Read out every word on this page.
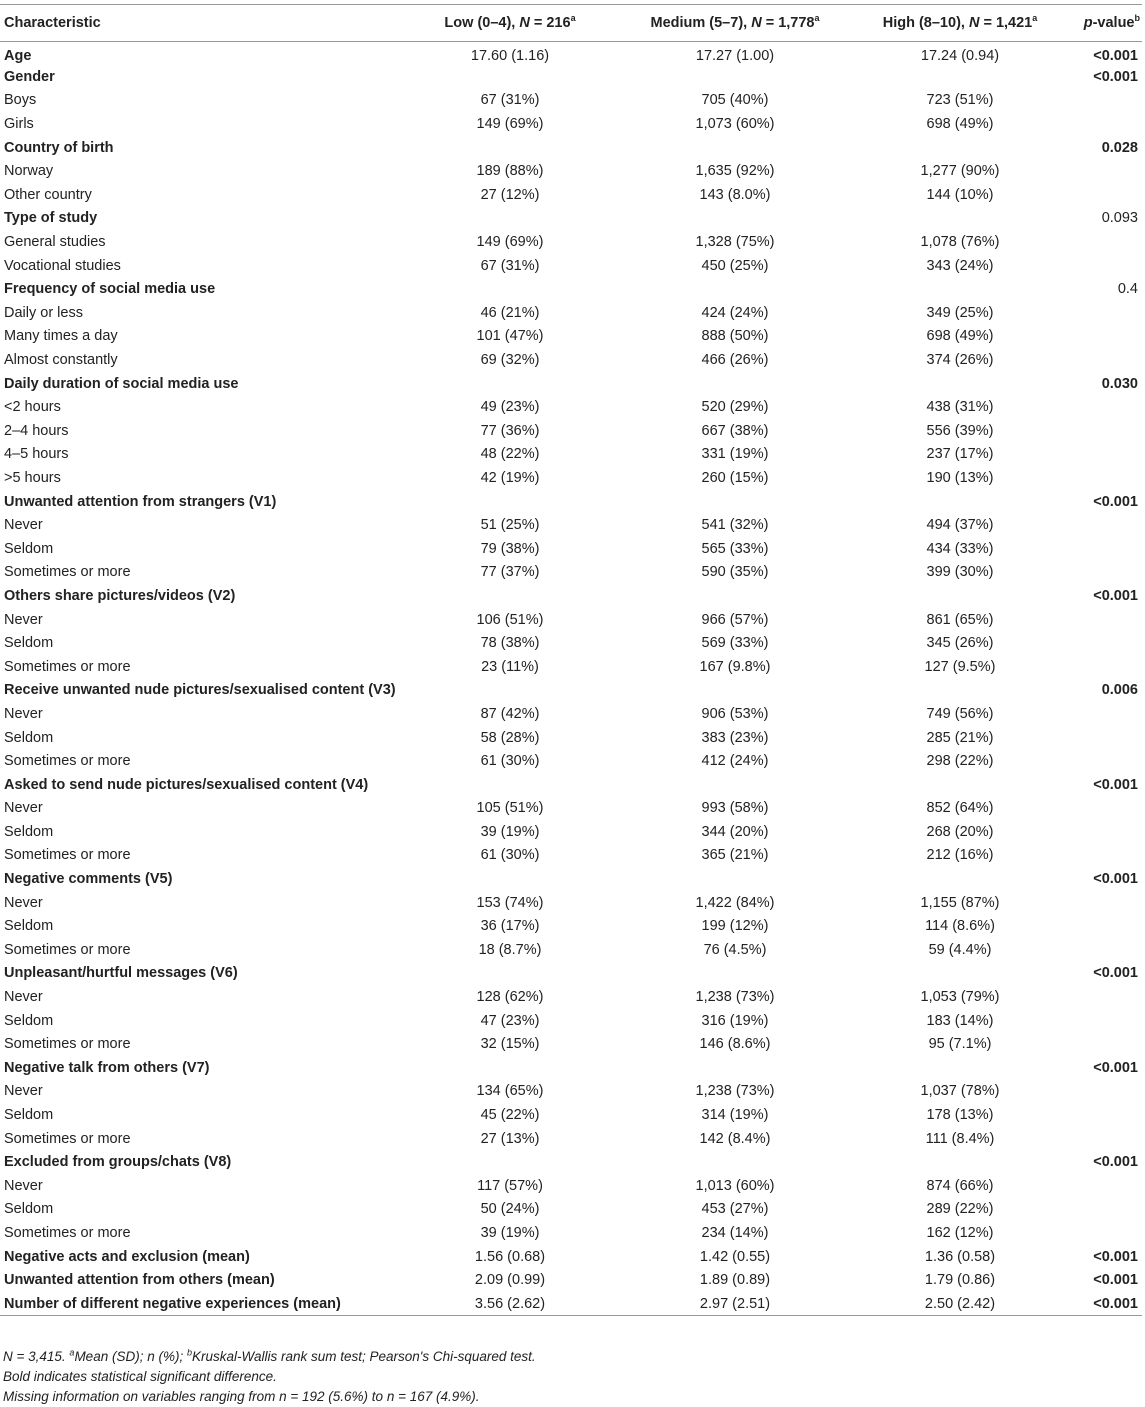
Characteristic	Low (0–4), $N = 216^a$	Medium (5–7), N = 1,778$^a$	High (8–10), N = 1,421$^a$	p-value$^b$
Age	17.60 (1.16)	17.27 (1.00)	17.24 (0.94)	<0.001
Gender				<0.001
Boys	67 (31%)	705 (40%)	723 (51%)	
Girls	149 (69%)	1,073 (60%)	698 (49%)	
Country of birth				0.028
Norway	189 (88%)	1,635 (92%)	1,277 (90%)	
Other country	27 (12%)	143 (8.0%)	144 (10%)	
Type of study				0.093
General studies	149 (69%)	1,328 (75%)	1,078 (76%)	
Vocational studies	67 (31%)	450 (25%)	343 (24%)	
Frequency of social media use				0.4
Daily or less	46 (21%)	424 (24%)	349 (25%)	
Many times a day	101 (47%)	888 (50%)	698 (49%)	
Almost constantly	69 (32%)	466 (26%)	374 (26%)	
Daily duration of social media use				0.030
<2 hours	49 (23%)	520 (29%)	438 (31%)	
2–4 hours	77 (36%)	667 (38%)	556 (39%)	
4–5 hours	48 (22%)	331 (19%)	237 (17%)	
>5 hours	42 (19%)	260 (15%)	190 (13%)	
Unwanted attention from strangers (V1)				<0.001
Never	51 (25%)	541 (32%)	494 (37%)	
Seldom	79 (38%)	565 (33%)	434 (33%)	
Sometimes or more	77 (37%)	590 (35%)	399 (30%)	
Others share pictures/videos (V2)				<0.001
Never	106 (51%)	966 (57%)	861 (65%)	
Seldom	78 (38%)	569 (33%)	345 (26%)	
Sometimes or more	23 (11%)	167 (9.8%)	127 (9.5%)	
Receive unwanted nude pictures/sexualised content (V3)				0.006
Never	87 (42%)	906 (53%)	749 (56%)	
Seldom	58 (28%)	383 (23%)	285 (21%)	
Sometimes or more	61 (30%)	412 (24%)	298 (22%)	
Asked to send nude pictures/sexualised content (V4)				<0.001
Never	105 (51%)	993 (58%)	852 (64%)	
Seldom	39 (19%)	344 (20%)	268 (20%)	
Sometimes or more	61 (30%)	365 (21%)	212 (16%)	
Negative comments (V5)				<0.001
Never	153 (74%)	1,422 (84%)	1,155 (87%)	
Seldom	36 (17%)	199 (12%)	114 (8.6%)	
Sometimes or more	18 (8.7%)	76 (4.5%)	59 (4.4%)	
Unpleasant/hurtful messages (V6)				<0.001
Never	128 (62%)	1,238 (73%)	1,053 (79%)	
Seldom	47 (23%)	316 (19%)	183 (14%)	
Sometimes or more	32 (15%)	146 (8.6%)	95 (7.1%)	
Negative talk from others (V7)				<0.001
Never	134 (65%)	1,238 (73%)	1,037 (78%)	
Seldom	45 (22%)	314 (19%)	178 (13%)	
Sometimes or more	27 (13%)	142 (8.4%)	111 (8.4%)	
Excluded from groups/chats (V8)				<0.001
Never	117 (57%)	1,013 (60%)	874 (66%)	
Seldom	50 (24%)	453 (27%)	289 (22%)	
Sometimes or more	39 (19%)	234 (14%)	162 (12%)	
Negative acts and exclusion (mean)	1.56 (0.68)	1.42 (0.55)	1.36 (0.58)	<0.001
Unwanted attention from others (mean)	2.09 (0.99)	1.89 (0.89)	1.79 (0.86)	<0.001
Number of different negative experiences (mean)	3.56 (2.62)	2.97 (2.51)	2.50 (2.42)	<0.001
N = 3,415. $^a$Mean (SD); n (%); $^b$Kruskal-Wallis rank sum test; Pearson's Chi-squared test.
Bold indicates statistical significant difference.
Missing information on variables ranging from n = 192 (5.6%) to n = 167 (4.9%).
